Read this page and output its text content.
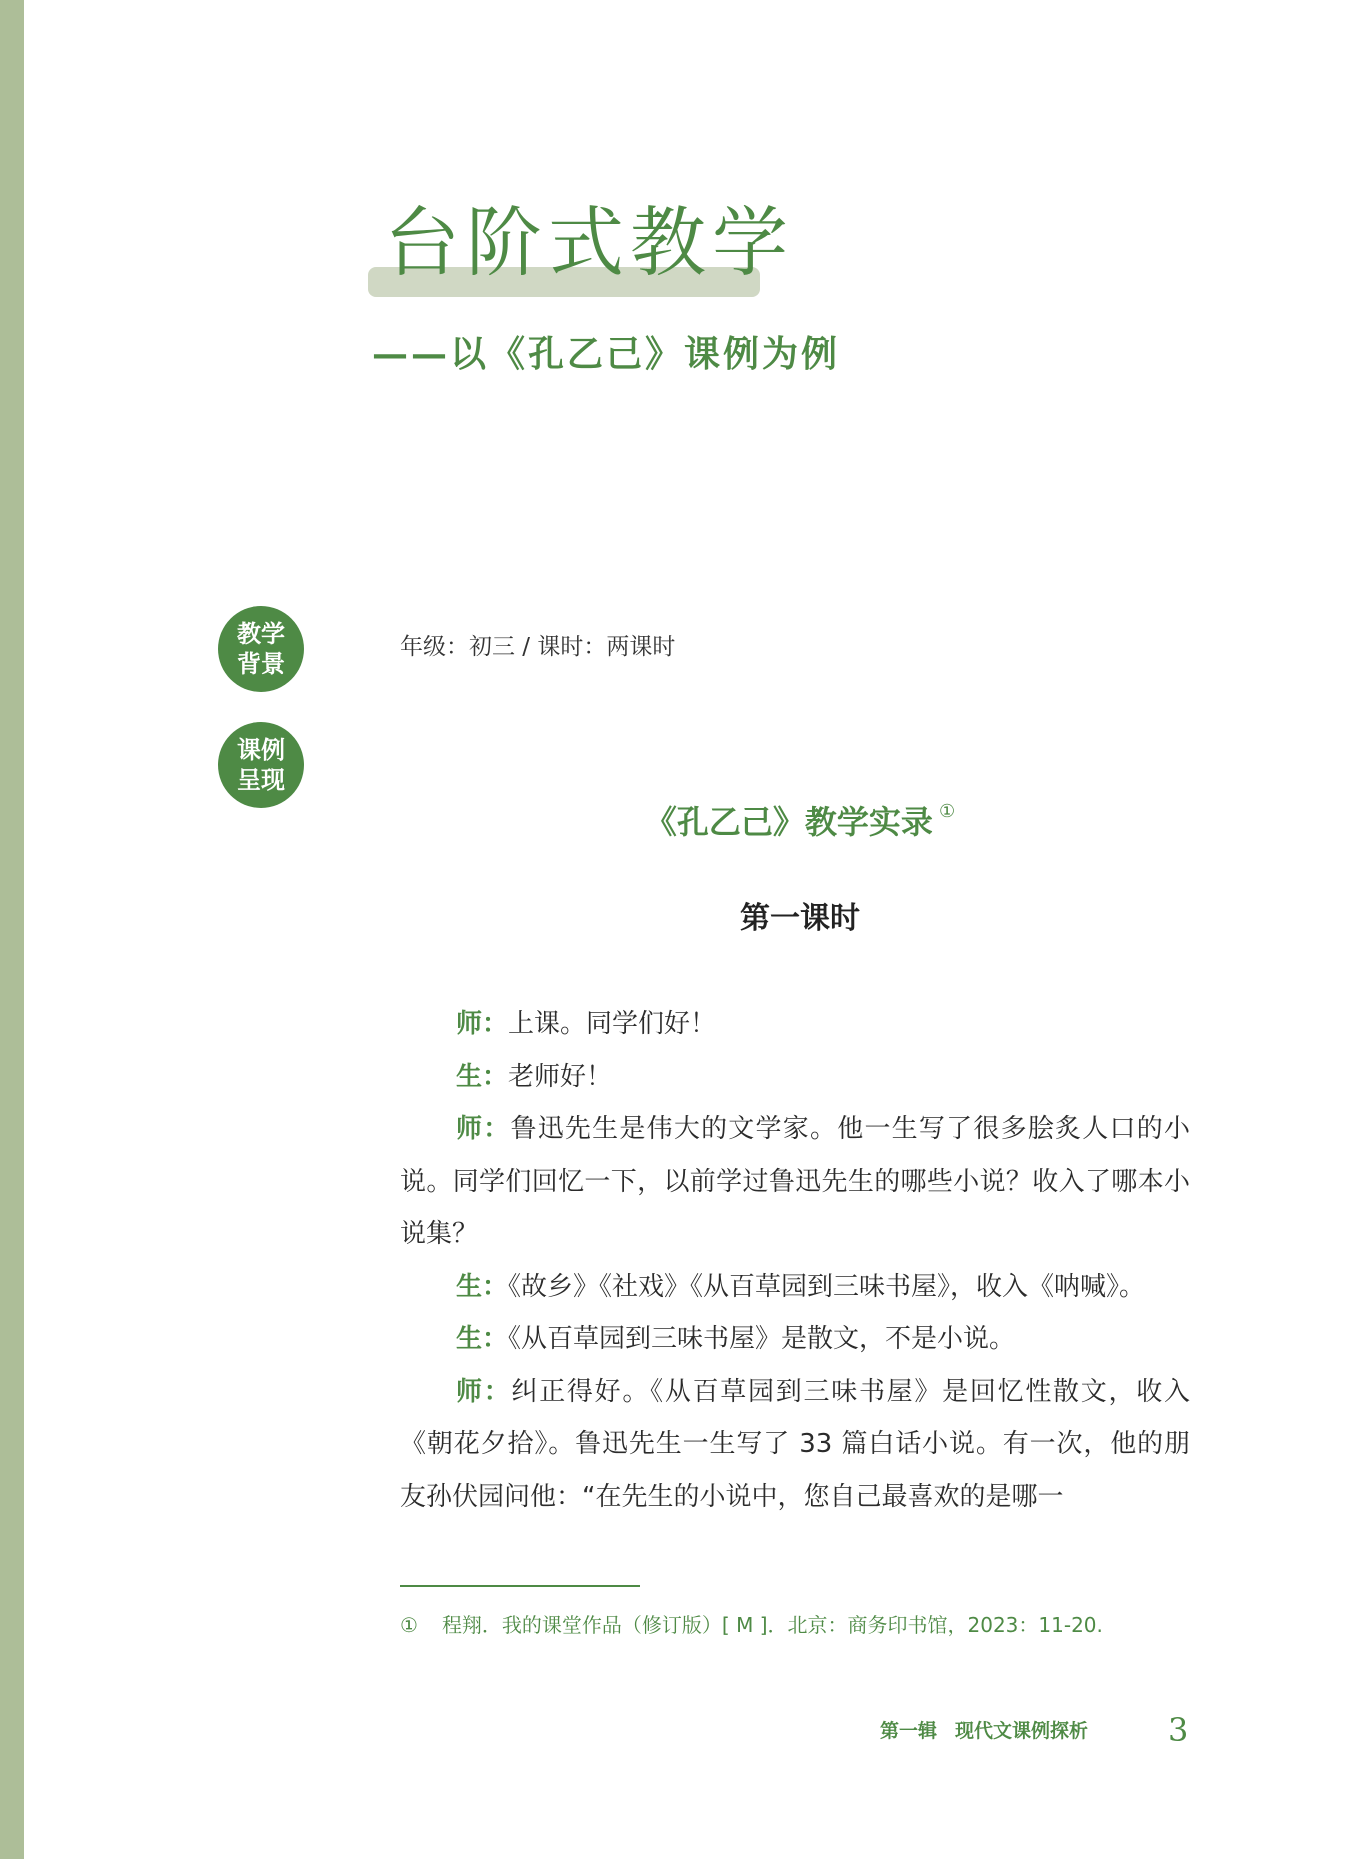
台阶式教学
——以《孔乙己》课例为例
教学背景
课例呈现
年级：初三 / 课时：两课时
《孔乙己》教学实录 ①
第一课时

师：上课。同学们好！

生：老师好！

师：鲁迅先生是伟大的文学家。他一生写了很多脍炙人口的小说。同学们回忆一下，以前学过鲁迅先生的哪些小说？收入了哪本小说集？

生：《故乡》《社戏》《从百草园到三味书屋》，收入《呐喊》。

生：《从百草园到三味书屋》是散文，不是小说。

师：纠正得好。《从百草园到三味书屋》是回忆性散文，收入《朝花夕拾》。鲁迅先生一生写了 33 篇白话小说。有一次，他的朋友孙伏园问他：“在先生的小说中，您自己最喜欢的是哪一

① 程翔．我的课堂作品（修订版）[ M ]．北京：商务印书馆，2023：11-20.
第一辑 现代文课例探析 3
